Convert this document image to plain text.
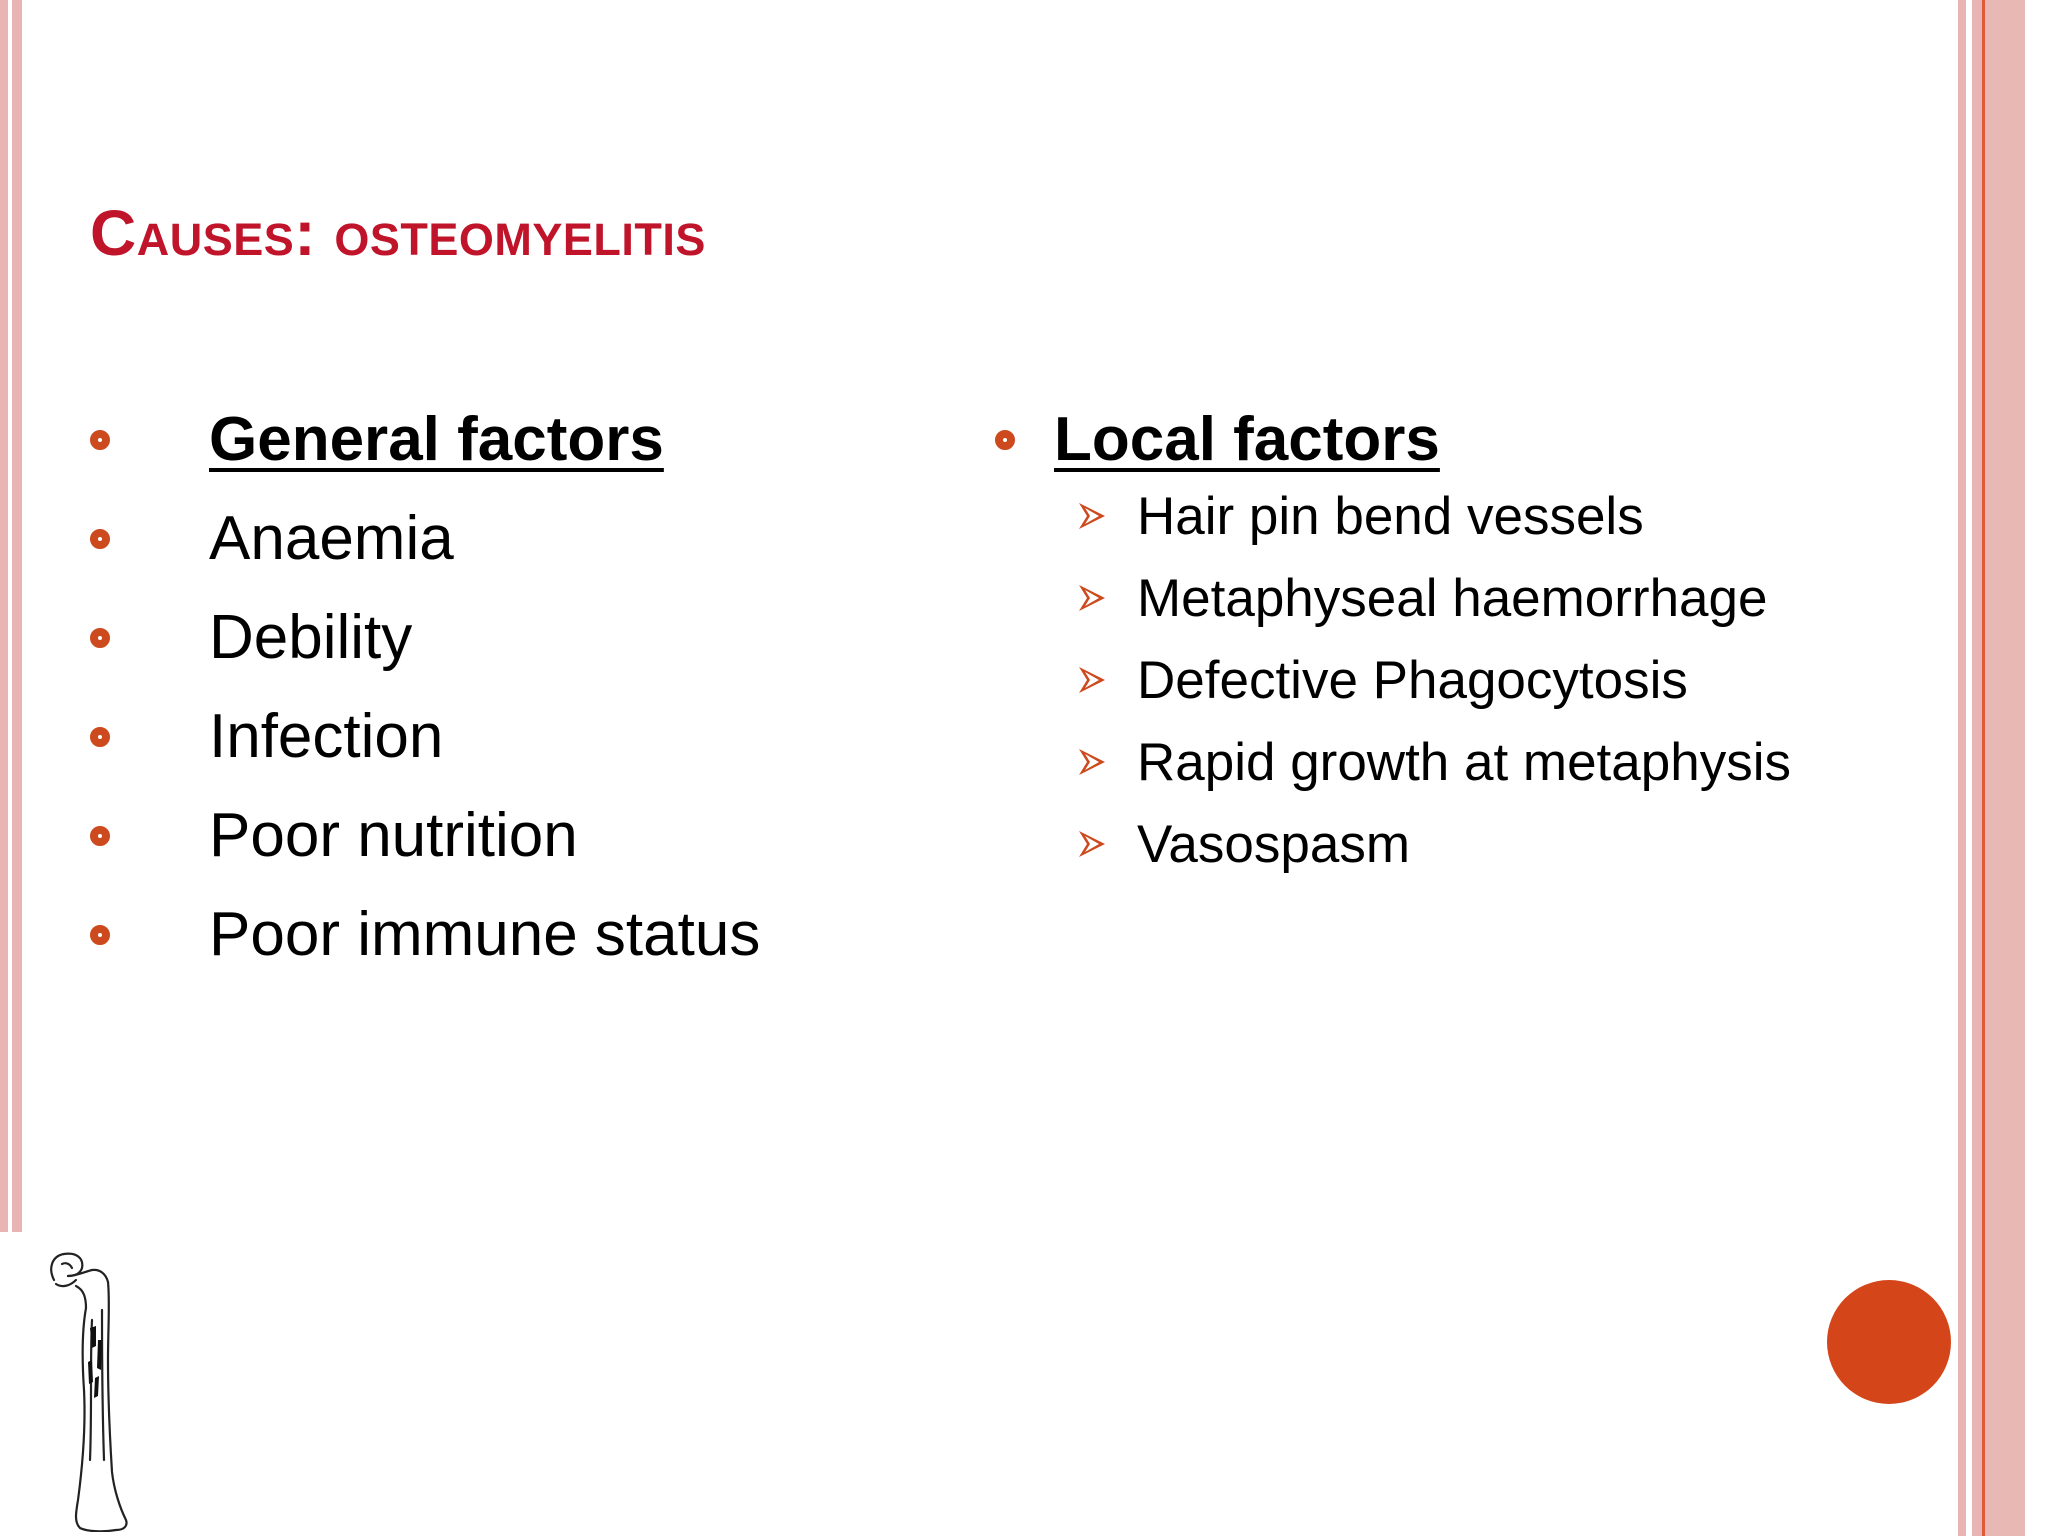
Causes: osteomyelitis
General factors
Anaemia
Debility
Infection
Poor nutrition
Poor immune status
Local factors
Hair pin bend vessels
Metaphyseal haemorrhage
Defective Phagocytosis
Rapid growth at metaphysis
Vasospasm
